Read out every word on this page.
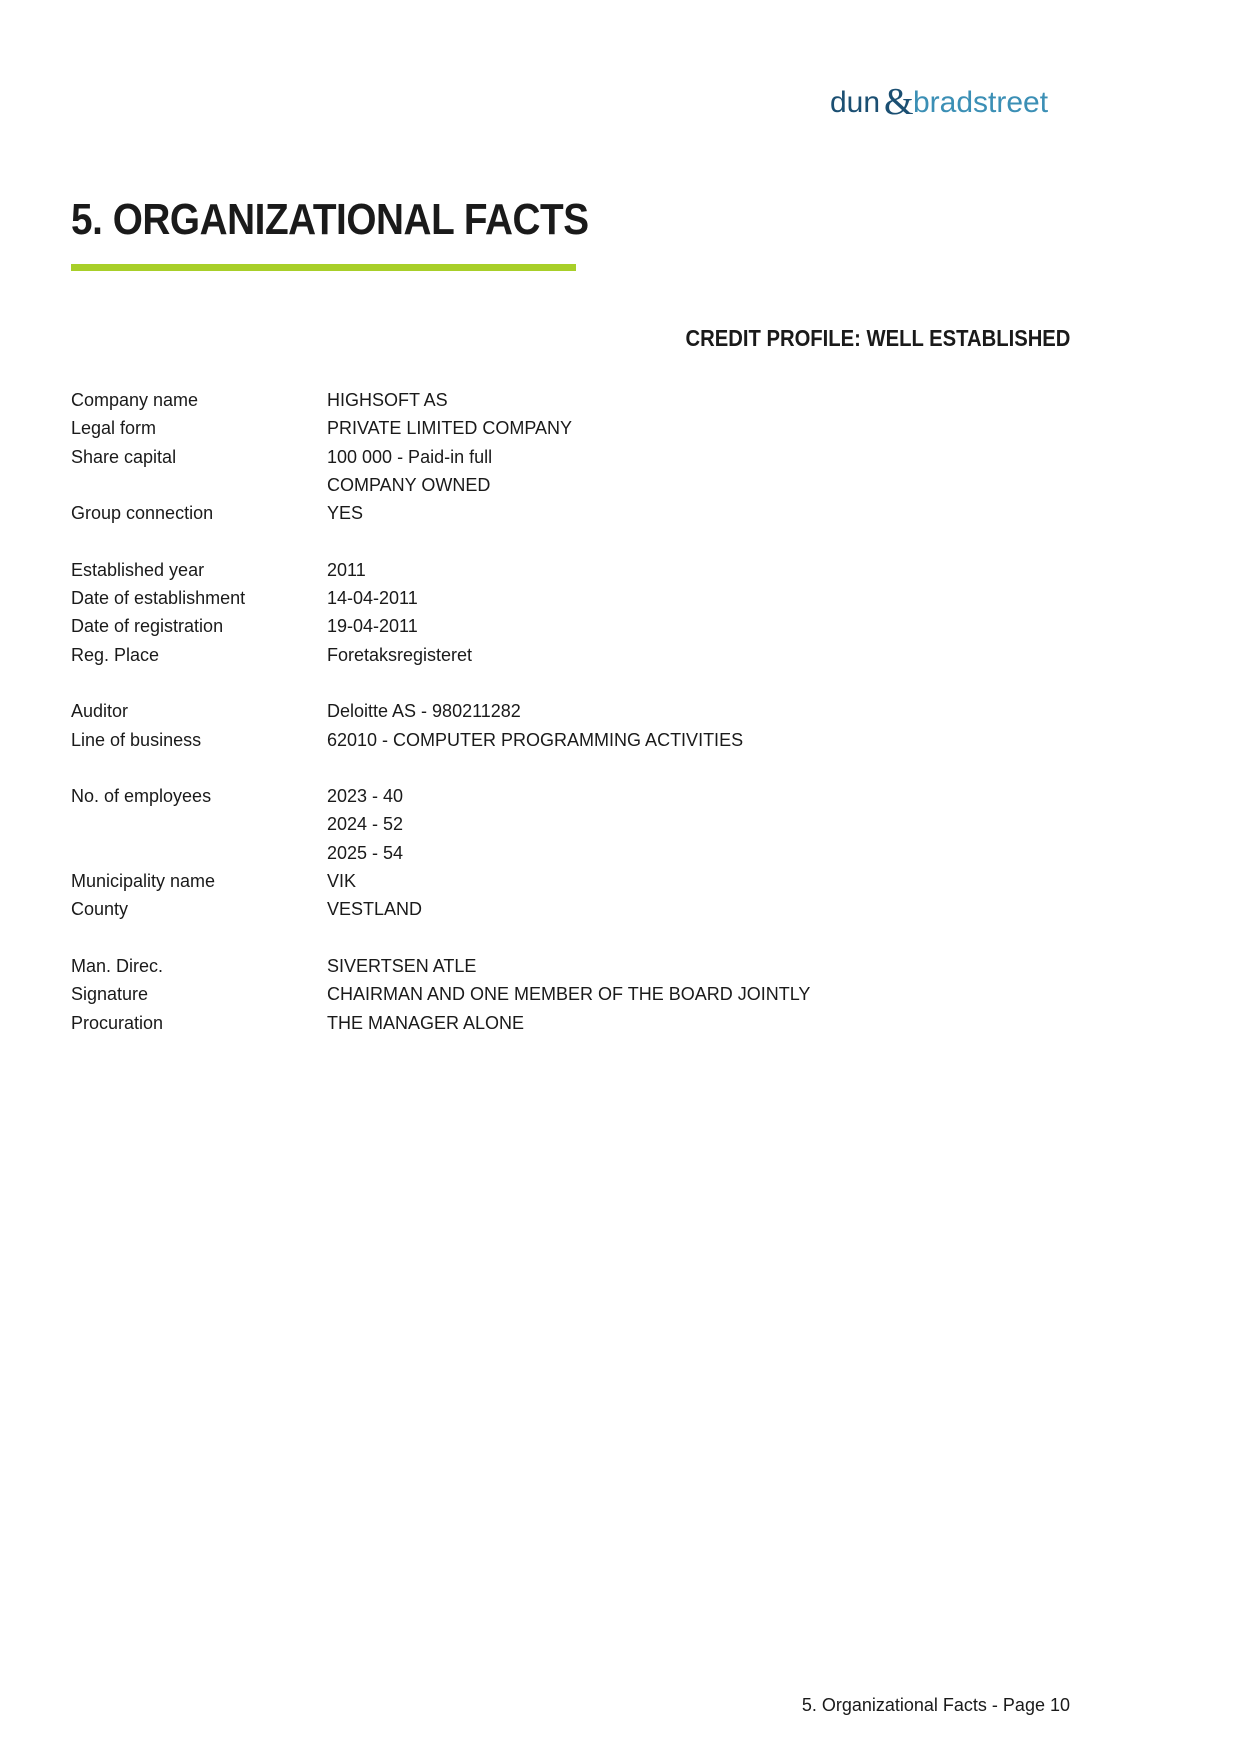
dun & bradstreet
5. ORGANIZATIONAL FACTS
CREDIT PROFILE: WELL ESTABLISHED
Company name	HIGHSOFT AS
Legal form	PRIVATE LIMITED COMPANY
Share capital	100 000 - Paid-in full
COMPANY OWNED
Group connection	YES
Established year	2011
Date of establishment	14-04-2011
Date of registration	19-04-2011
Reg. Place	Foretaksregisteret
Auditor	Deloitte AS - 980211282
Line of business	62010 - COMPUTER PROGRAMMING ACTIVITIES
No. of employees	2023 - 40
2024 - 52
2025 - 54
Municipality name	VIK
County	VESTLAND
Man. Direc.	SIVERTSEN ATLE
Signature	CHAIRMAN AND ONE MEMBER OF THE BOARD JOINTLY
Procuration	THE MANAGER ALONE
5. Organizational Facts - Page 10
